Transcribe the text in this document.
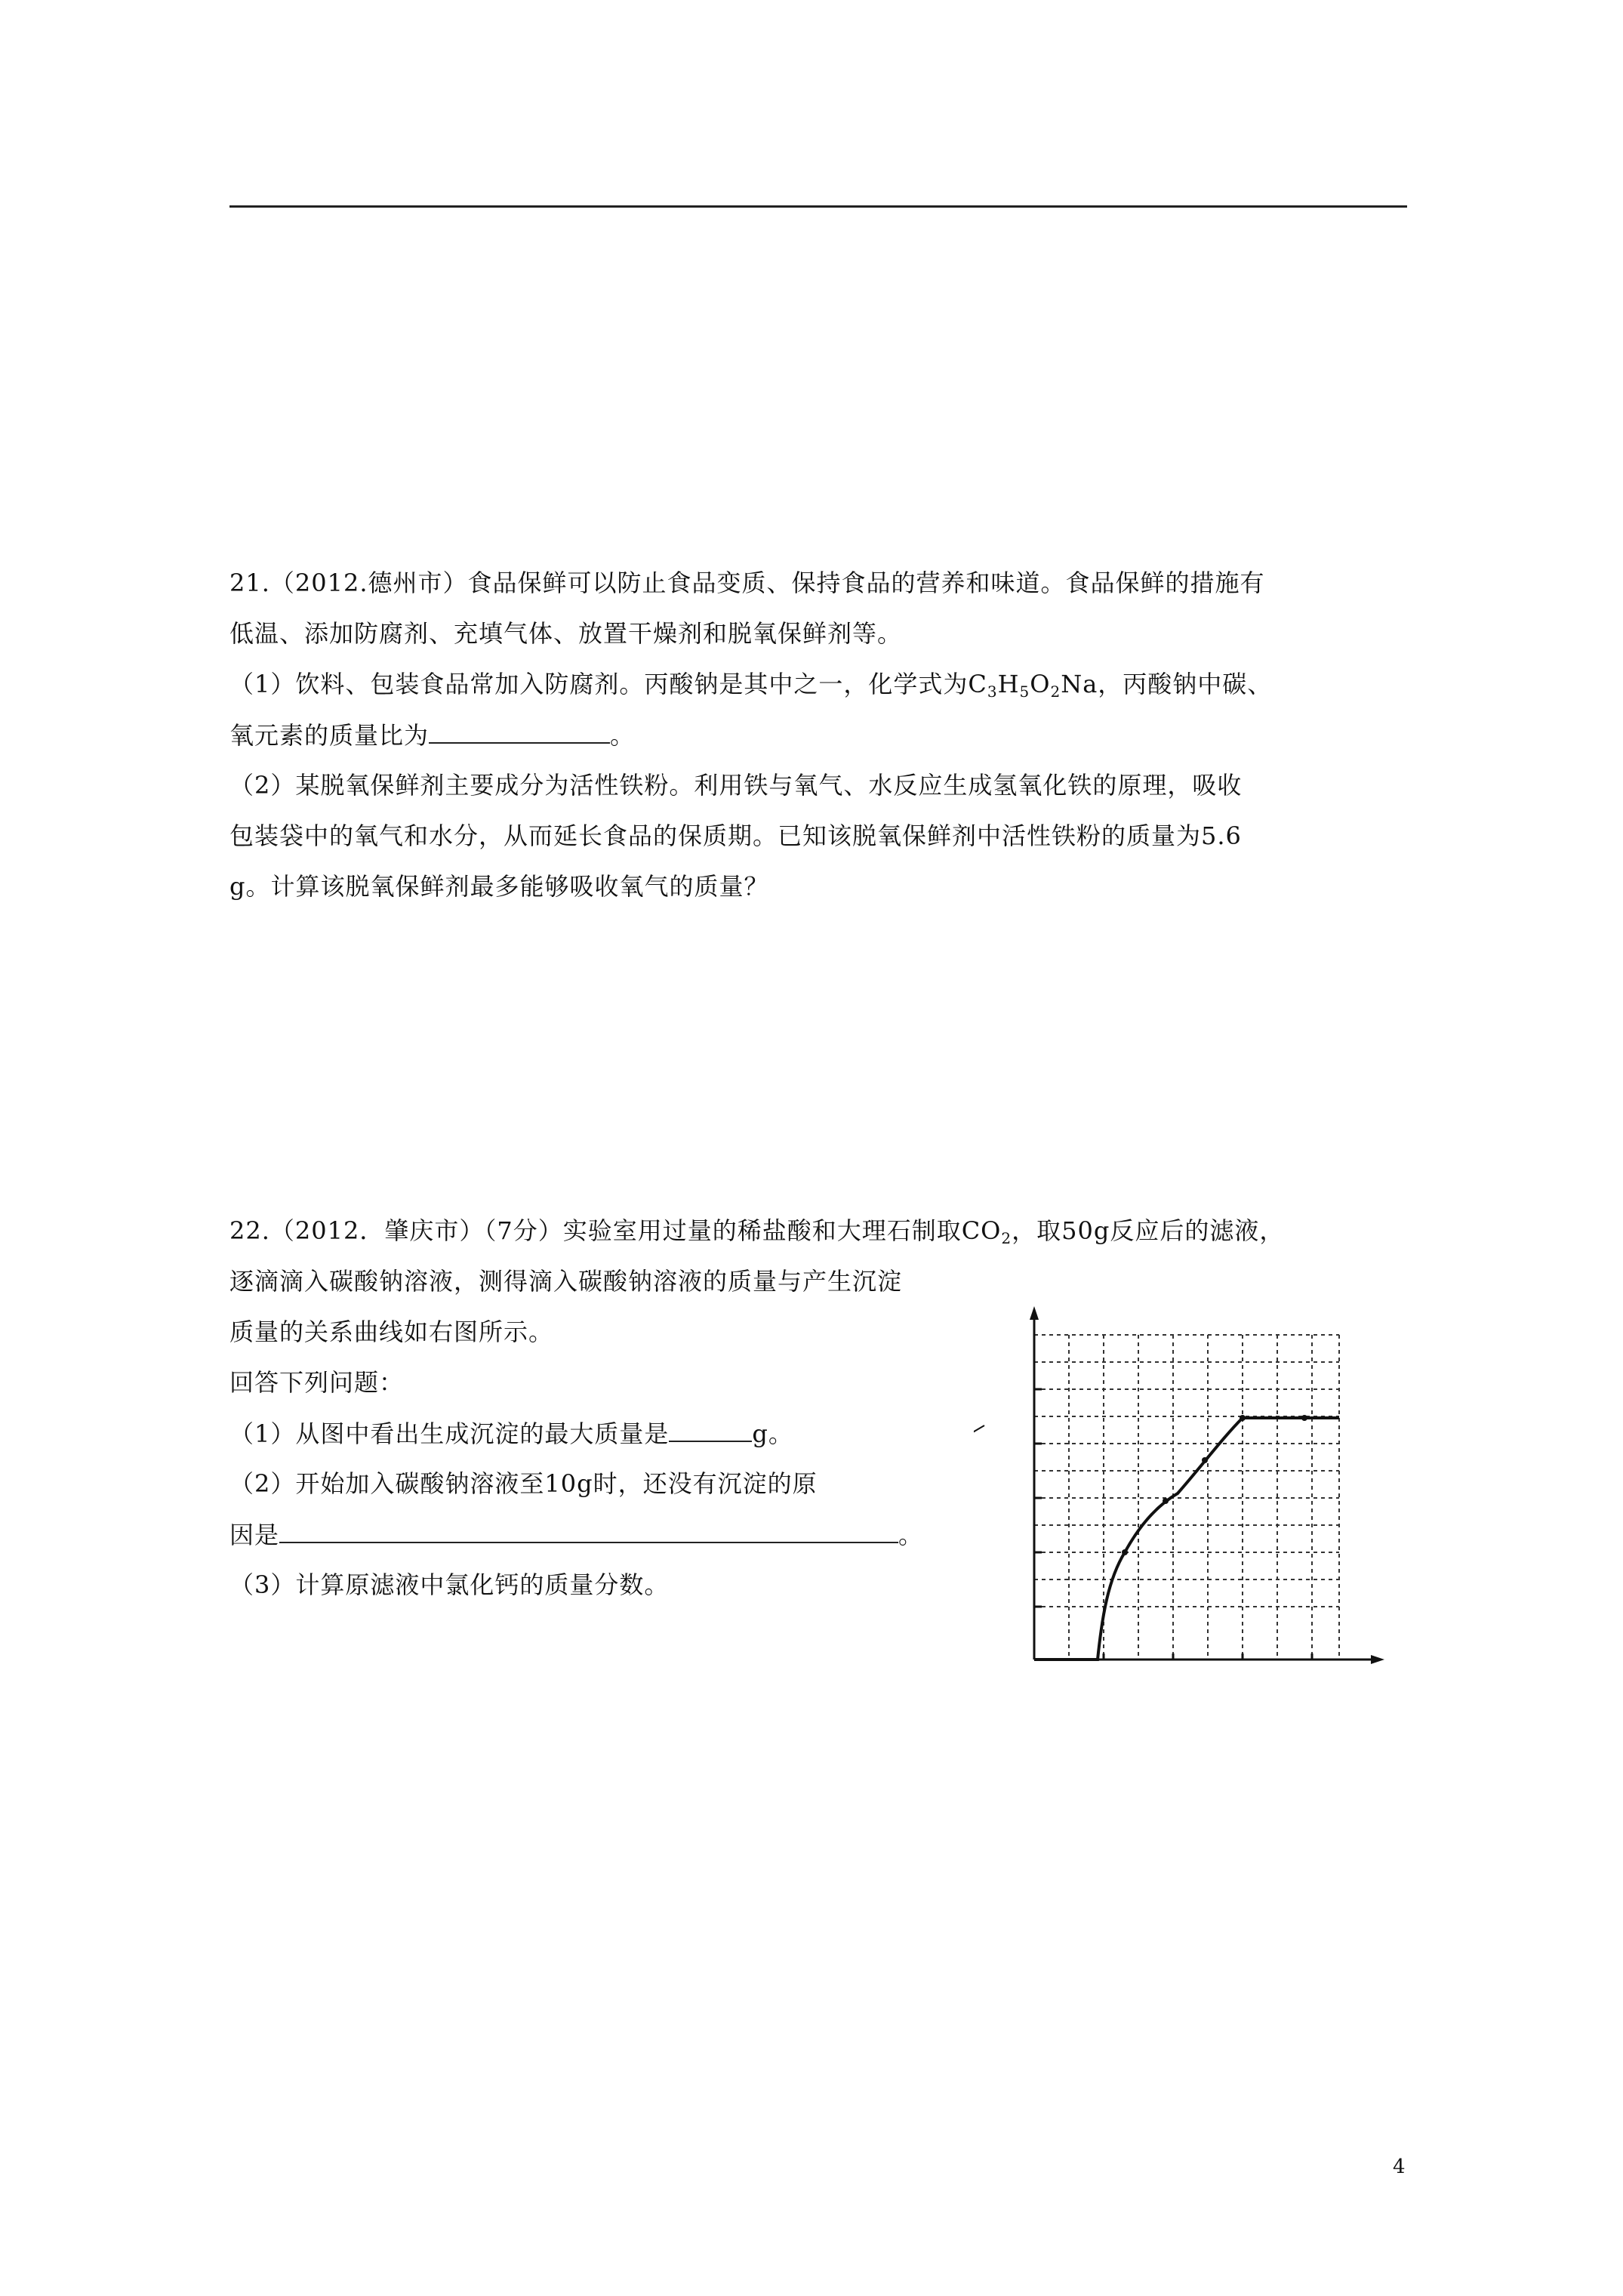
21.（2012.德州市）食品保鲜可以防止食品变质、保持食品的营养和味道。食品保鲜的措施有
低温、添加防腐剂、充填气体、放置干燥剂和脱氧保鲜剂等。
（1）饮料、包装食品常加入防腐剂。丙酸钠是其中之一，化学式为$C_3H_5O_2Na$，丙酸钠中碳、
氧元素的质量比为	。
（2）某脱氧保鲜剂主要成分为活性铁粉。利用铁与氧气、水反应生成氢氧化铁的原理，吸收
包装袋中的氧气和水分，从而延长食品的保质期。已知该脱氧保鲜剂中活性铁粉的质量为5.6
g。计算该脱氧保鲜剂最多能够吸收氧气的质量？
22.（2012．肇庆市）（7分）实验室用过量的稀盐酸和大理石制取$CO_2$，取50g反应后的滤液，
逐滴滴入碳酸钠溶液，测得滴入碳酸钠溶液的质量与产生沉淀
质量的关系曲线如右图所示。
回答下列问题：
（1）从图中看出生成沉淀的最大质量是	g。
（2）开始加入碳酸钠溶液至10g时，还没有沉淀的原
因是	。
（3）计算原滤液中氯化钙的质量分数。
4
